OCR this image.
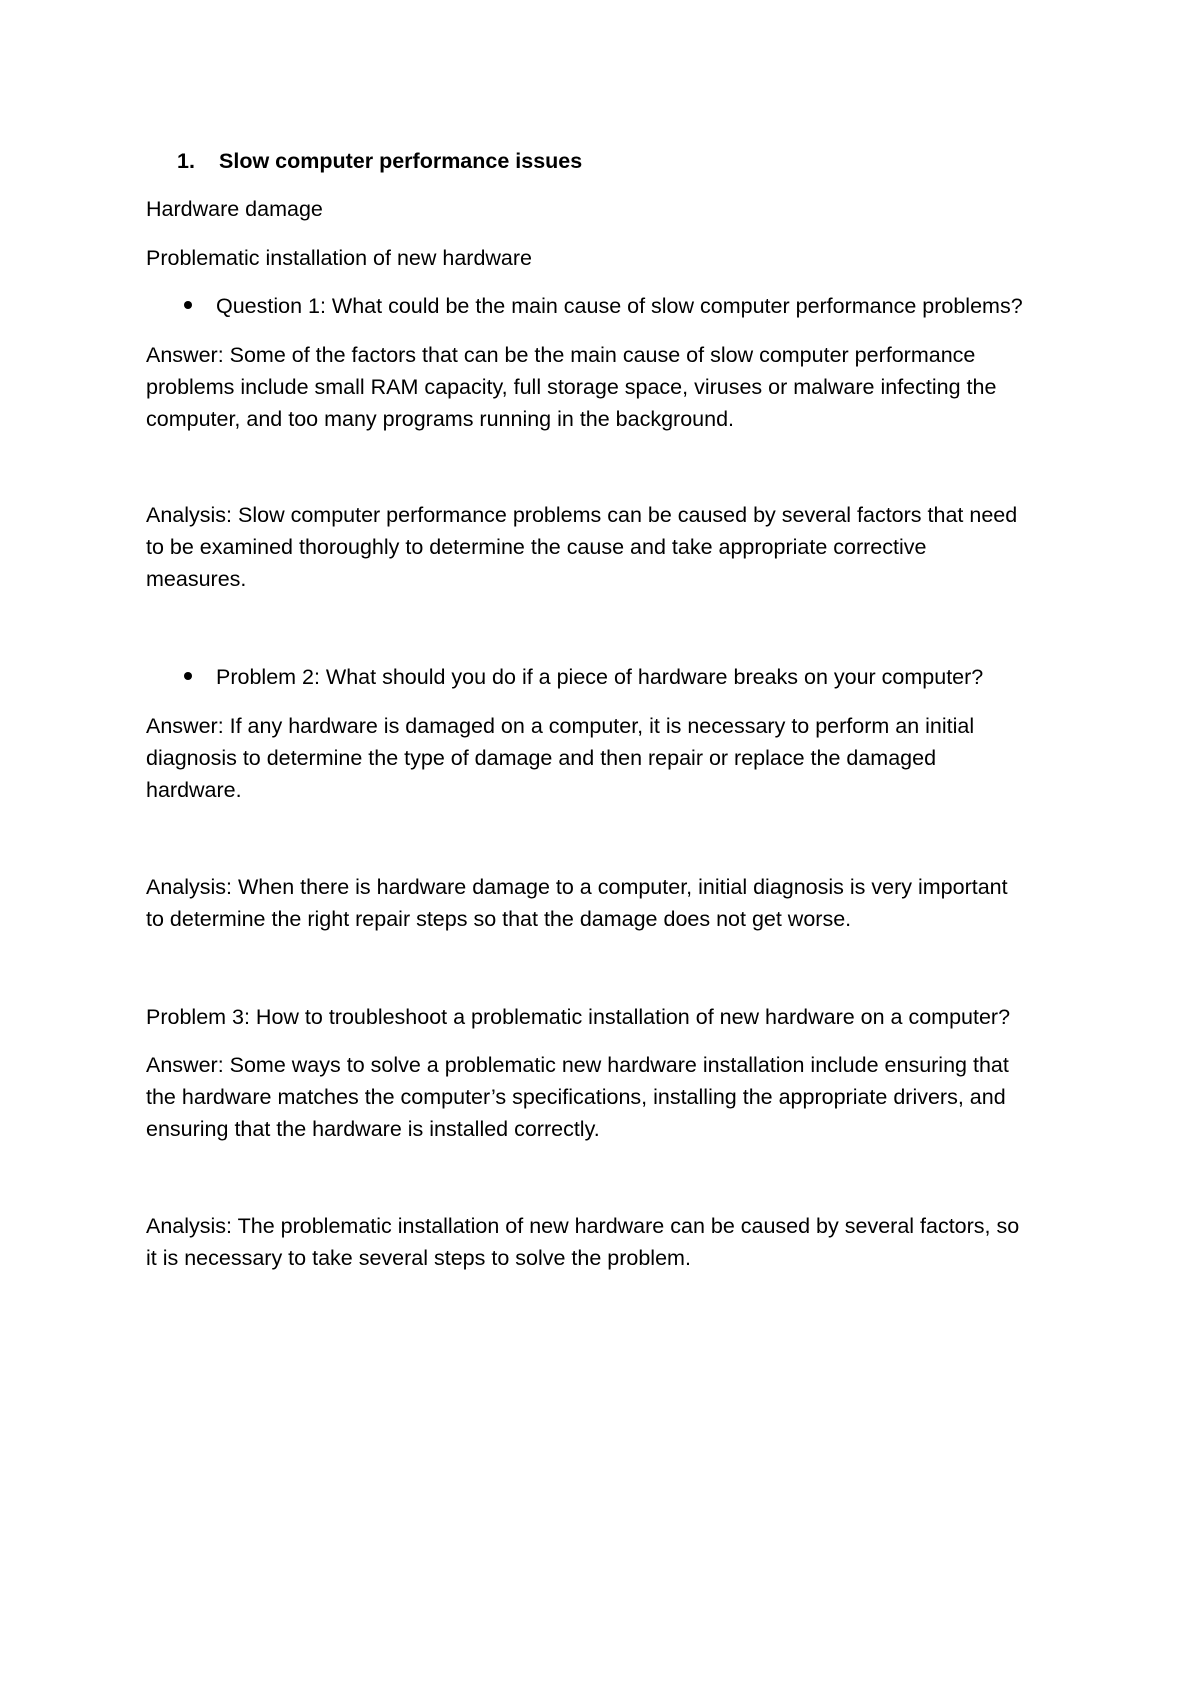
1. Slow computer performance issues
Hardware damage
Problematic installation of new hardware
Question 1: What could be the main cause of slow computer performance problems?
Answer: Some of the factors that can be the main cause of slow computer performance
problems include small RAM capacity, full storage space, viruses or malware infecting the
computer, and too many programs running in the background.
Analysis: Slow computer performance problems can be caused by several factors that need
to be examined thoroughly to determine the cause and take appropriate corrective
measures.
Problem 2: What should you do if a piece of hardware breaks on your computer?
Answer: If any hardware is damaged on a computer, it is necessary to perform an initial
diagnosis to determine the type of damage and then repair or replace the damaged
hardware.
Analysis: When there is hardware damage to a computer, initial diagnosis is very important
to determine the right repair steps so that the damage does not get worse.
Problem 3: How to troubleshoot a problematic installation of new hardware on a computer?
Answer: Some ways to solve a problematic new hardware installation include ensuring that
the hardware matches the computer’s specifications, installing the appropriate drivers, and
ensuring that the hardware is installed correctly.
Analysis: The problematic installation of new hardware can be caused by several factors, so
it is necessary to take several steps to solve the problem.
